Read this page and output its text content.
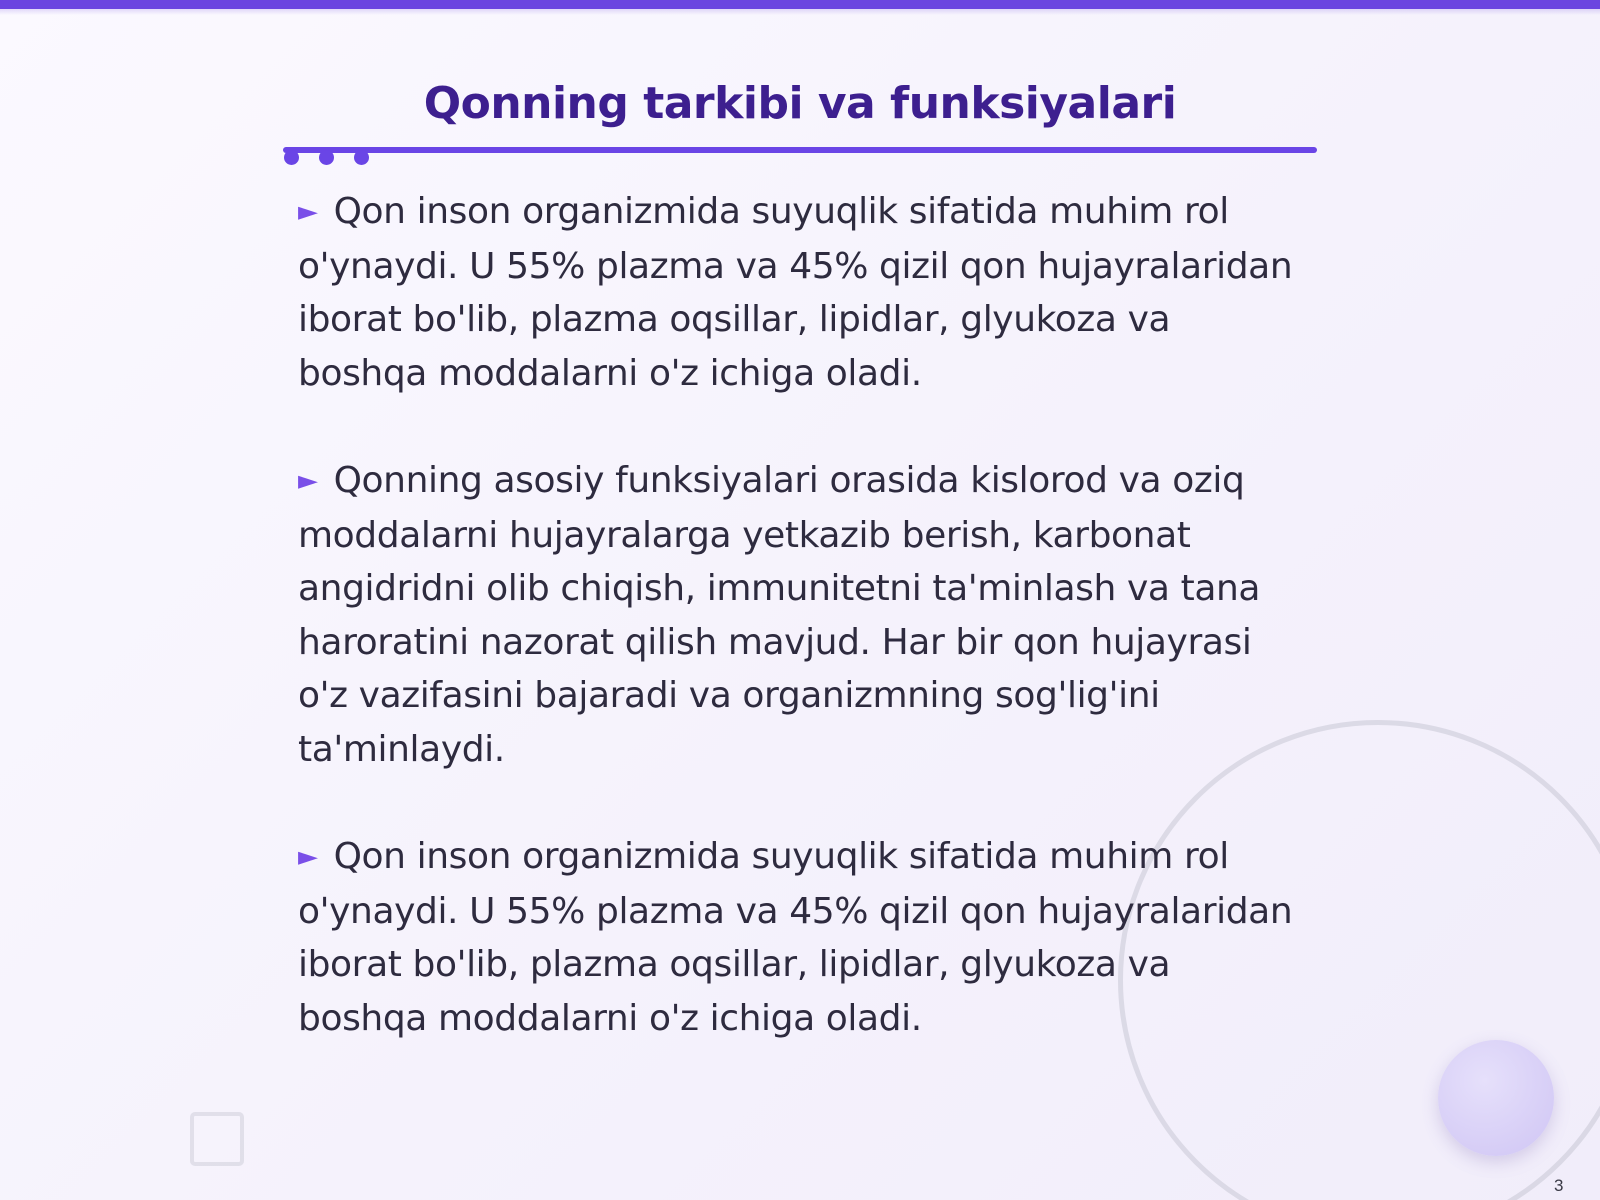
Qonning tarkibi va funksiyalari

► Qon inson organizmida suyuqlik sifatida muhim rol o'ynaydi. U 55% plazma va 45% qizil qon hujayralaridan iborat bo'lib, plazma oqsillar, lipidlar, glyukoza va boshqa moddalarni o'z ichiga oladi.

► Qonning asosiy funksiyalari orasida kislorod va oziq moddalarni hujayralarga yetkazib berish, karbonat angidridni olib chiqish, immunitetni ta'minlash va tana haroratini nazorat qilish mavjud. Har bir qon hujayrasi o'z vazifasini bajaradi va organizmning sog'lig'ini ta'minlaydi.

► Qon inson organizmida suyuqlik sifatida muhim rol o'ynaydi. U 55% plazma va 45% qizil qon hujayralaridan iborat bo'lib, plazma oqsillar, lipidlar, glyukoza va boshqa moddalarni o'z ichiga oladi.

3
